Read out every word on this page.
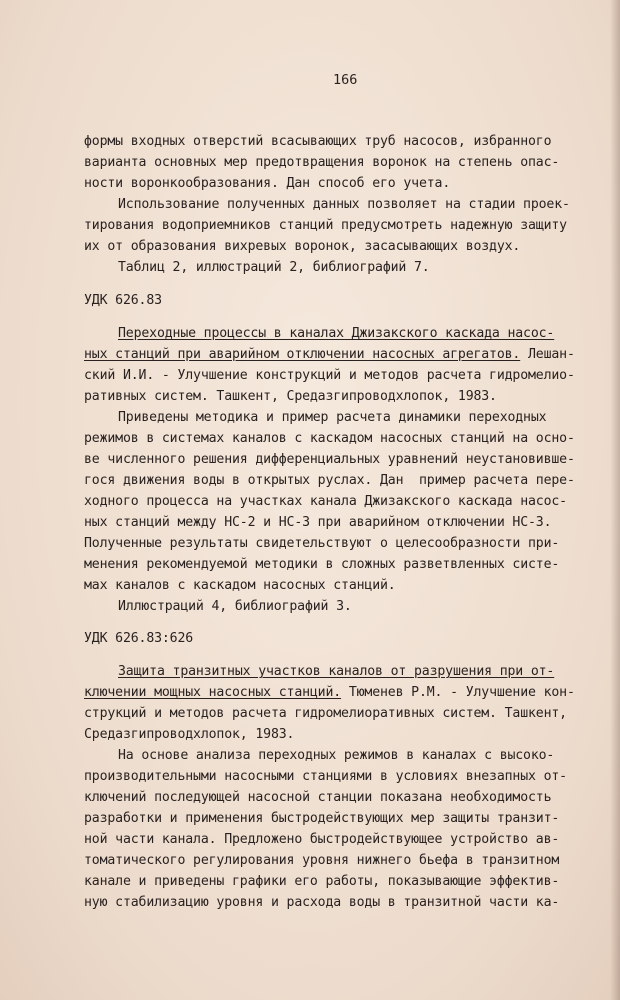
166
формы входных отверстий всасывающих труб насосов, избранного
варианта основных мер предотвращения воронок на степень опас-
ности воронкообразования. Дан способ его учета.
Использование полученных данных позволяет на стадии проек-
тирования водоприемников станций предусмотреть надежную защиту
их от образования вихревых воронок, засасывающих воздух.
Таблиц 2, иллюстраций 2, библиографий 7.
УДК 626.83
Переходные процессы в каналах Джизакского каскада насос-
ных станций при аварийном отключении насосных агрегатов. Лешан-
ский И.И. - Улучшение конструкций и методов расчета гидромелио-
ративных систем. Ташкент, Средазгипроводхлопок, 1983.
Приведены методика и пример расчета динамики переходных
режимов в системах каналов с каскадом насосных станций на осно-
ве численного решения дифференциальных уравнений неустановивше-
гося движения воды в открытых руслах. Дан  пример расчета пере-
ходного процесса на участках канала Джизакского каскада насос-
ных станций между НС-2 и НС-3 при аварийном отключении НС-3.
Полученные результаты свидетельствуют о целесообразности при-
менения рекомендуемой методики в сложных разветвленных систе-
мах каналов с каскадом насосных станций.
Иллюстраций 4, библиографий 3.
УДК 626.83:626
Защита транзитных участков каналов от разрушения при от-
ключении мощных насосных станций. Тюменев Р.М. - Улучшение кон-
струкций и методов расчета гидромелиоративных систем. Ташкент,
Средазгипроводхлопок, 1983.
На основе анализа переходных режимов в каналах с высоко-
производительными насосными станциями в условиях внезапных от-
ключений последующей насосной станции показана необходимость
разработки и применения быстродействующих мер защиты транзит-
ной части канала. Предложено быстродействующее устройство ав-
томатического регулирования уровня нижнего бьефа в транзитном
канале и приведены графики его работы, показывающие эффектив-
ную стабилизацию уровня и расхода воды в транзитной части ка-
